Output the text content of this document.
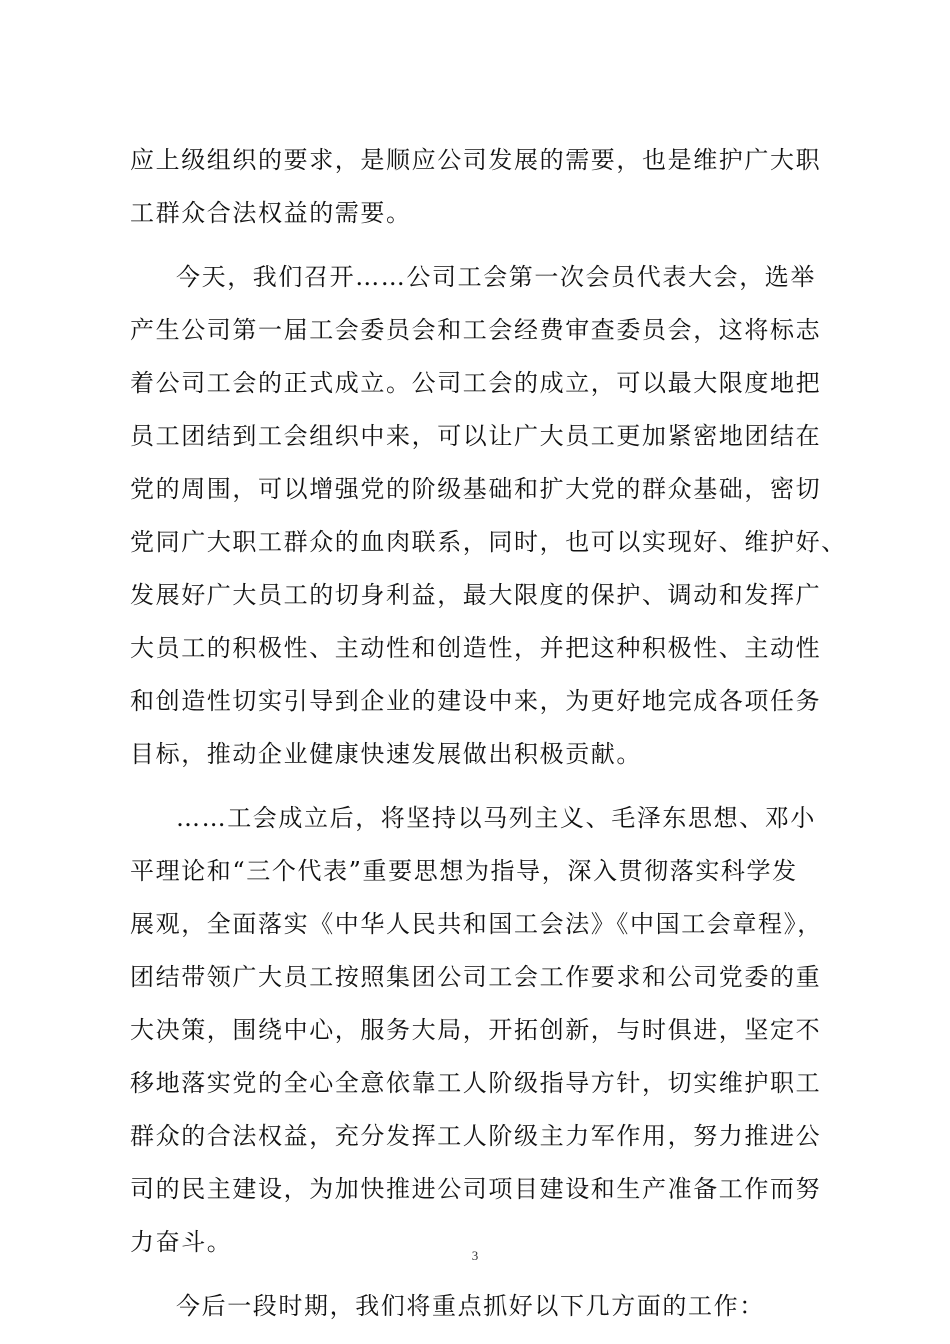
应上级组织的要求，是顺应公司发展的需要，也是维护广大职
工群众合法权益的需要。
今天，我们召开……公司工会第一次会员代表大会，选举
产生公司第一届工会委员会和工会经费审查委员会，这将标志
着公司工会的正式成立。公司工会的成立，可以最大限度地把
员工团结到工会组织中来，可以让广大员工更加紧密地团结在
党的周围，可以增强党的阶级基础和扩大党的群众基础，密切
党同广大职工群众的血肉联系，同时，也可以实现好、维护好、
发展好广大员工的切身利益，最大限度的保护、调动和发挥广
大员工的积极性、主动性和创造性，并把这种积极性、主动性
和创造性切实引导到企业的建设中来，为更好地完成各项任务
目标，推动企业健康快速发展做出积极贡献。
……工会成立后，将坚持以马列主义、毛泽东思想、邓小
平理论和“三个代表”重要思想为指导，深入贯彻落实科学发
展观，全面落实《中华人民共和国工会法》《中国工会章程》，
团结带领广大员工按照集团公司工会工作要求和公司党委的重
大决策，围绕中心，服务大局，开拓创新，与时俱进，坚定不
移地落实党的全心全意依靠工人阶级指导方针，切实维护职工
群众的合法权益，充分发挥工人阶级主力军作用，努力推进公
司的民主建设，为加快推进公司项目建设和生产准备工作而努
力奋斗。
今后一段时期，我们将重点抓好以下几方面的工作：
3
